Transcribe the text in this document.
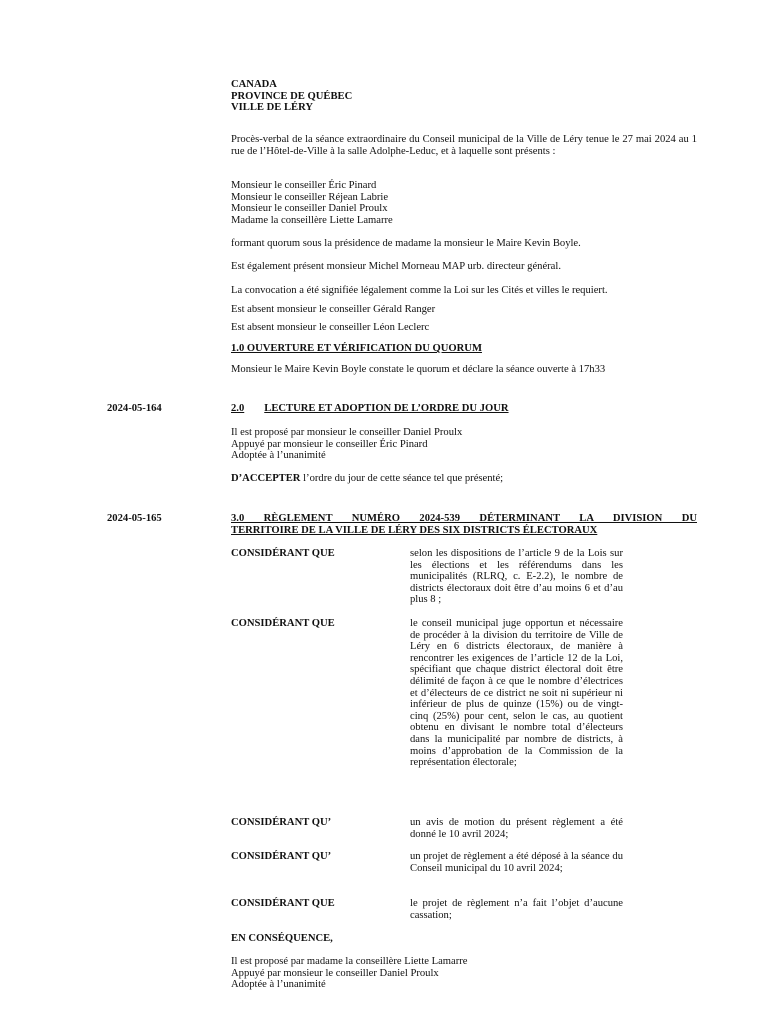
CANADA
PROVINCE DE QUÉBEC
VILLE DE LÉRY
Procès-verbal de la séance extraordinaire du Conseil municipal de la Ville de Léry tenue le 27 mai 2024 au 1 rue de l’Hôtel-de-Ville à la salle Adolphe-Leduc, et à laquelle sont présents :
Monsieur le conseiller Éric Pinard
Monsieur le conseiller Réjean Labrie
Monsieur le conseiller Daniel Proulx
Madame la conseillère Liette Lamarre
formant quorum sous la présidence de madame la monsieur le Maire Kevin Boyle.
Est également présent monsieur Michel Morneau MAP urb. directeur général.
La convocation a été signifiée légalement comme la Loi sur les Cités et villes le requiert.
Est absent monsieur le conseiller Gérald Ranger
Est absent monsieur le conseiller Léon Leclerc
1.0 OUVERTURE ET VÉRIFICATION DU QUORUM
Monsieur le Maire Kevin Boyle constate le quorum et déclare la séance ouverte à 17h33
2024-05-164	2.0 LECTURE ET ADOPTION DE L’ORDRE DU JOUR
Il est proposé par monsieur le conseiller Daniel Proulx
Appuyé par monsieur le conseiller Éric Pinard
Adoptée à l’unanimité
D’ACCEPTER l’ordre du jour de cette séance tel que présenté;
2024-05-165	3.0 RÈGLEMENT NUMÉRO 2024-539 DÉTERMINANT LA DIVISION DU
TERRITOIRE DE LA VILLE DE LÉRY DES SIX DISTRICTS ÉLECTORAUX
CONSIDÉRANT QUE	selon les dispositions de l’article 9 de la Lois sur les élections et les référendums dans les municipalités (RLRQ, c. E-2.2), le nombre de districts électoraux doit être d’au moins 6 et d’au plus 8 ;
CONSIDÉRANT QUE	le conseil municipal juge opportun et nécessaire de procéder à la division du territoire de Ville de Léry en 6 districts électoraux, de manière à rencontrer les exigences de l’article 12 de la Loi, spécifiant que chaque district électoral doit être délimité de façon à ce que le nombre d’électrices et d’électeurs de ce district ne soit ni supérieur ni inférieur de plus de quinze (15%) ou de vingt-cinq (25%) pour cent, selon le cas, au quotient obtenu en divisant le nombre total d’électeurs dans la municipalité par nombre de districts, à moins d’approbation de la Commission de la représentation électorale;
CONSIDÉRANT QU’	un avis de motion du présent règlement a été donné le 10 avril 2024;
CONSIDÉRANT QU’	un projet de règlement a été déposé à la séance du Conseil municipal du 10 avril 2024;
CONSIDÉRANT QUE	le projet de règlement n’a fait l’objet d’aucune cassation;
EN CONSÉQUENCE,
Il est proposé par madame la conseillère Liette Lamarre
Appuyé par monsieur le conseiller Daniel Proulx
Adoptée à l’unanimité
